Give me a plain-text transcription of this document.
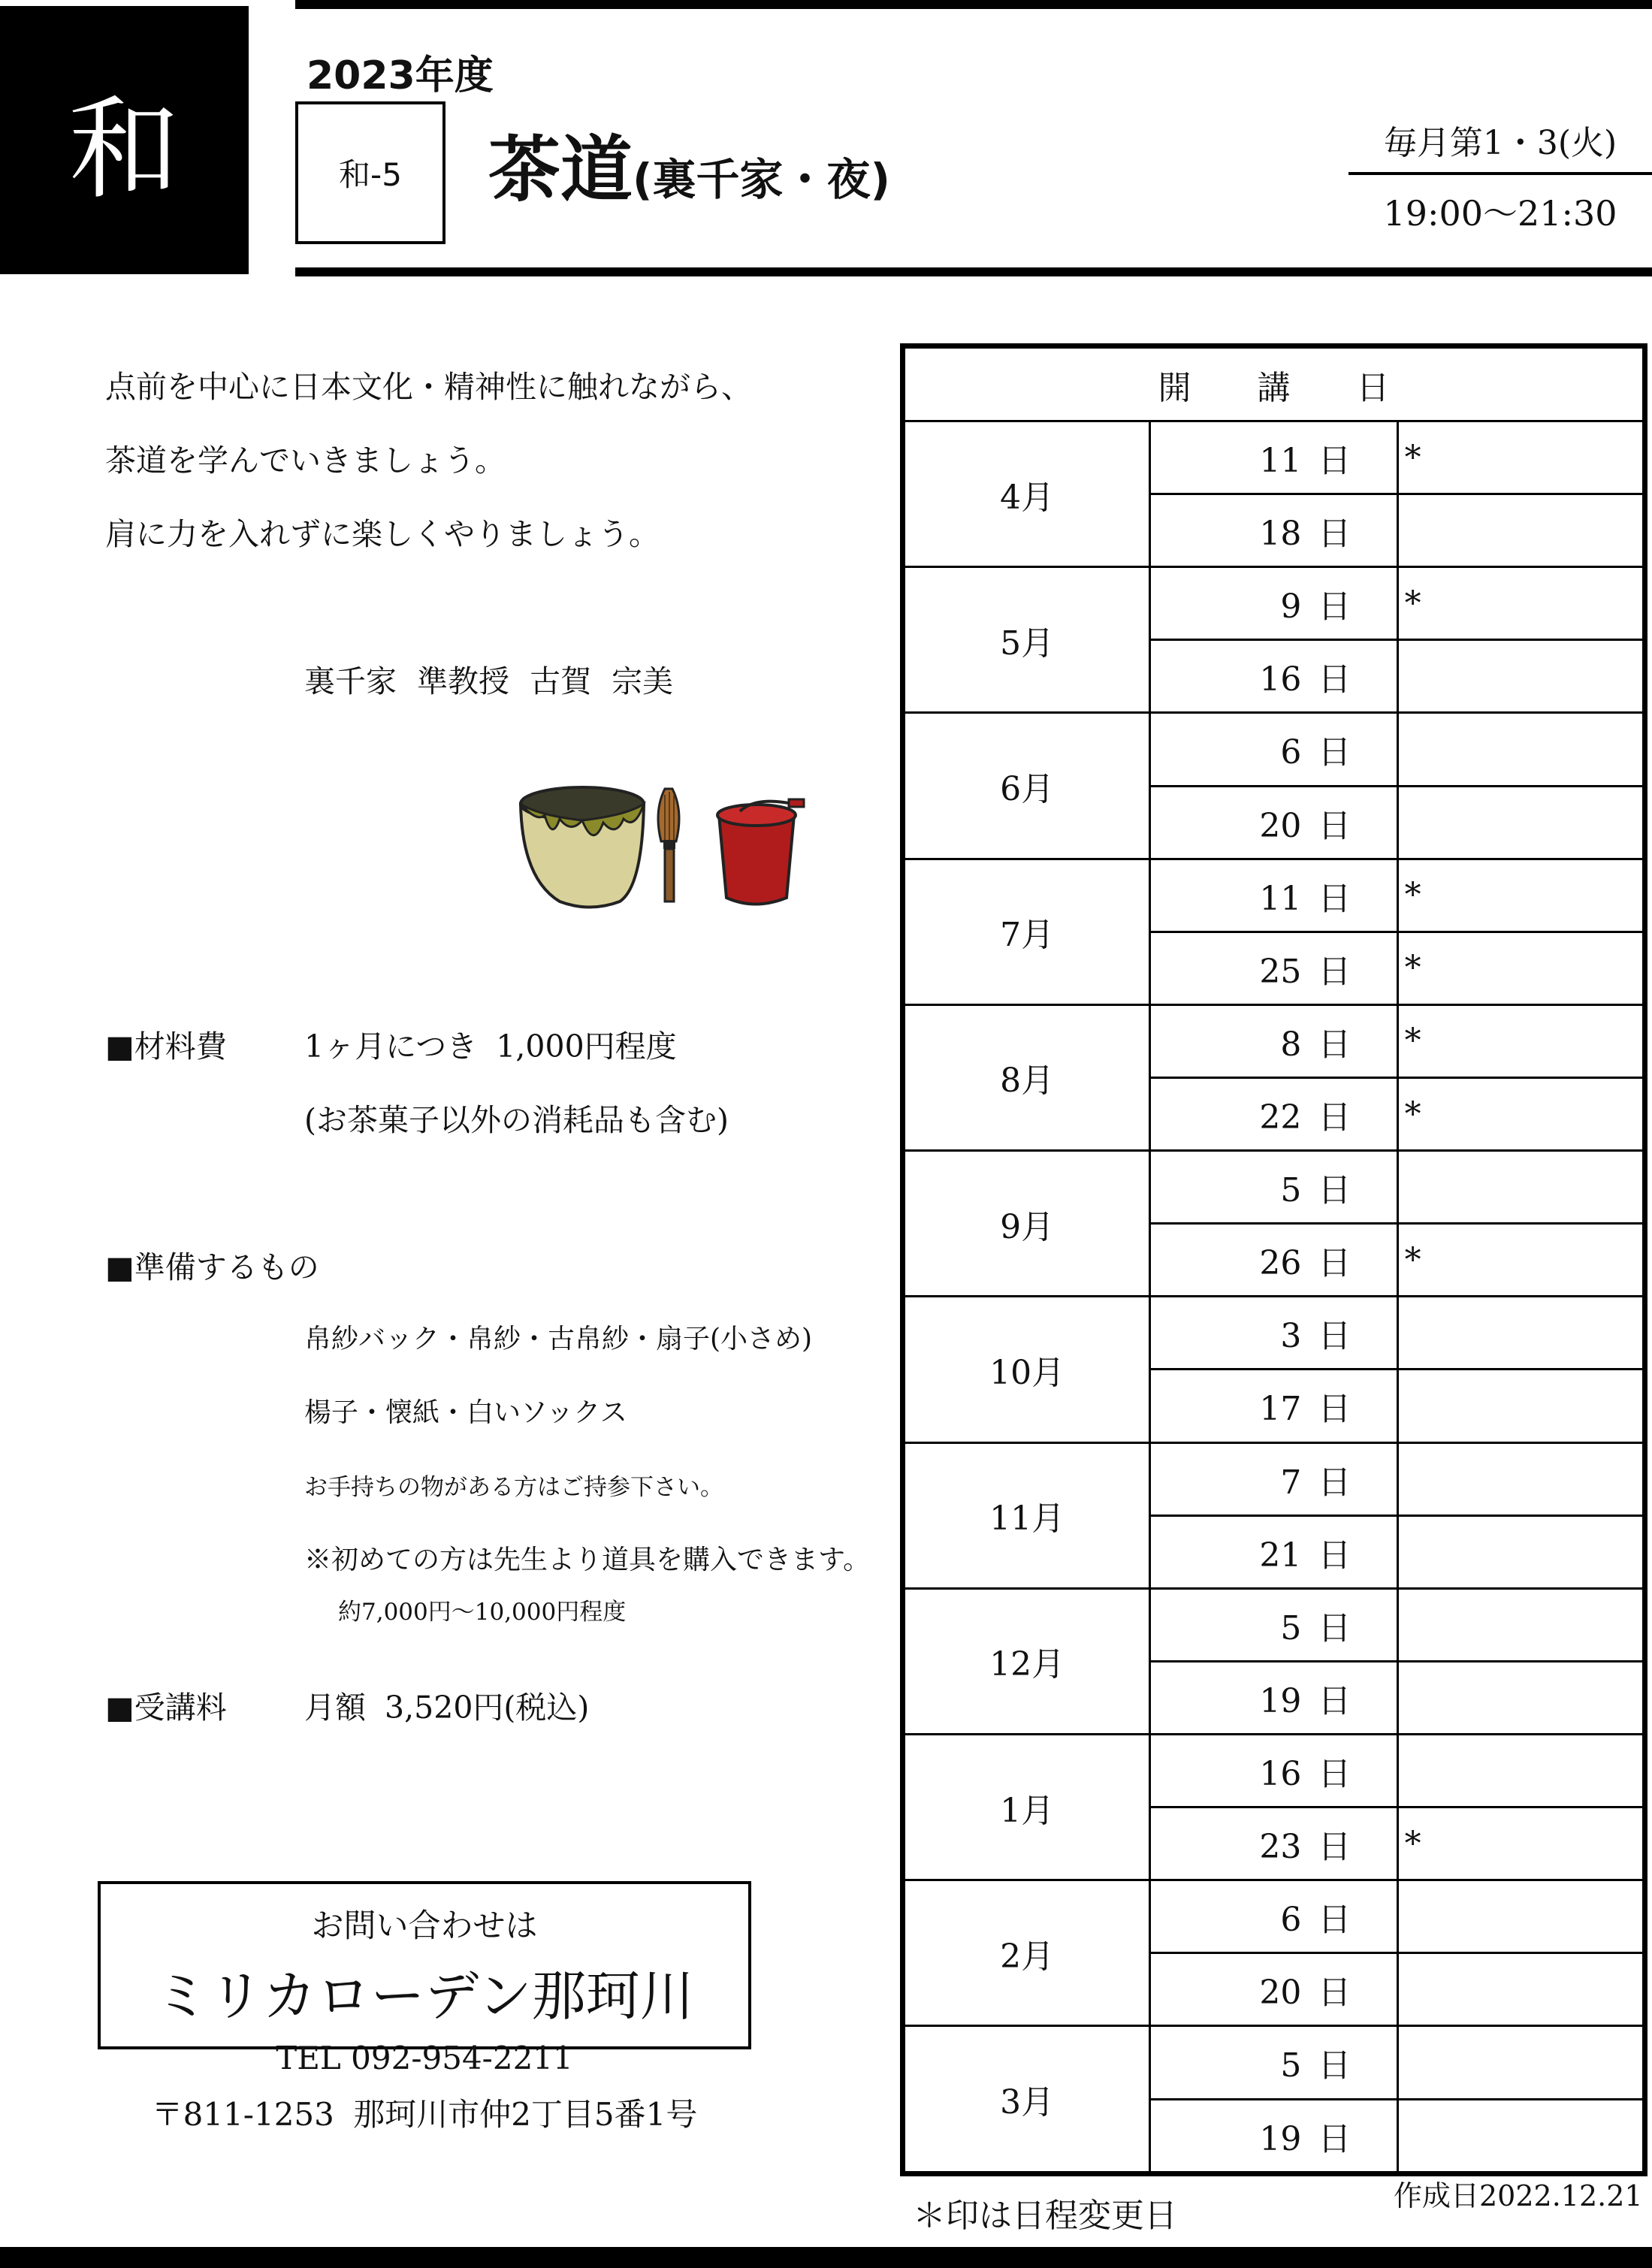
和
2023年度
和-5 茶道(裏千家・夜)
毎月第1・3(火)
19:00～21:30
点前を中心に日本文化・精神性に触れながら、
茶道を学んでいきましょう。
肩に力を入れずに楽しくやりましょう。
裏千家 準教授 古賀 宗美
■材料費	1ヶ月につき 1,000円程度
(お茶菓子以外の消耗品も含む)
■準備するもの
帛紗バック・帛紗・古帛紗・扇子(小さめ)
楊子・懐紙・白いソックス
お手持ちの物がある方はご持参下さい。
※初めての方は先生より道具を購入できます。
約7,000円～10,000円程度
■受講料	月額 3,520円(税込)
お問い合わせは
ミリカローデン那珂川
TEL 092-954-2211
〒811-1253 那珂川市仲2丁目5番1号
開　　講　　日		
4月	11 日	*
	18 日	
5月	9 日	*
	16 日	
6月	6 日	
	20 日	
7月	11 日	*
	25 日	*
8月	8 日	*
	22 日	*
9月	5 日	
	26 日	*
10月	3 日	
	17 日	
11月	7 日	
	21 日	
12月	5 日	
	19 日	
1月	16 日	
	23 日	*
2月	6 日	
	20 日	
3月	5 日	
	19 日	
作成日2022.12.21
＊印は日程変更日
